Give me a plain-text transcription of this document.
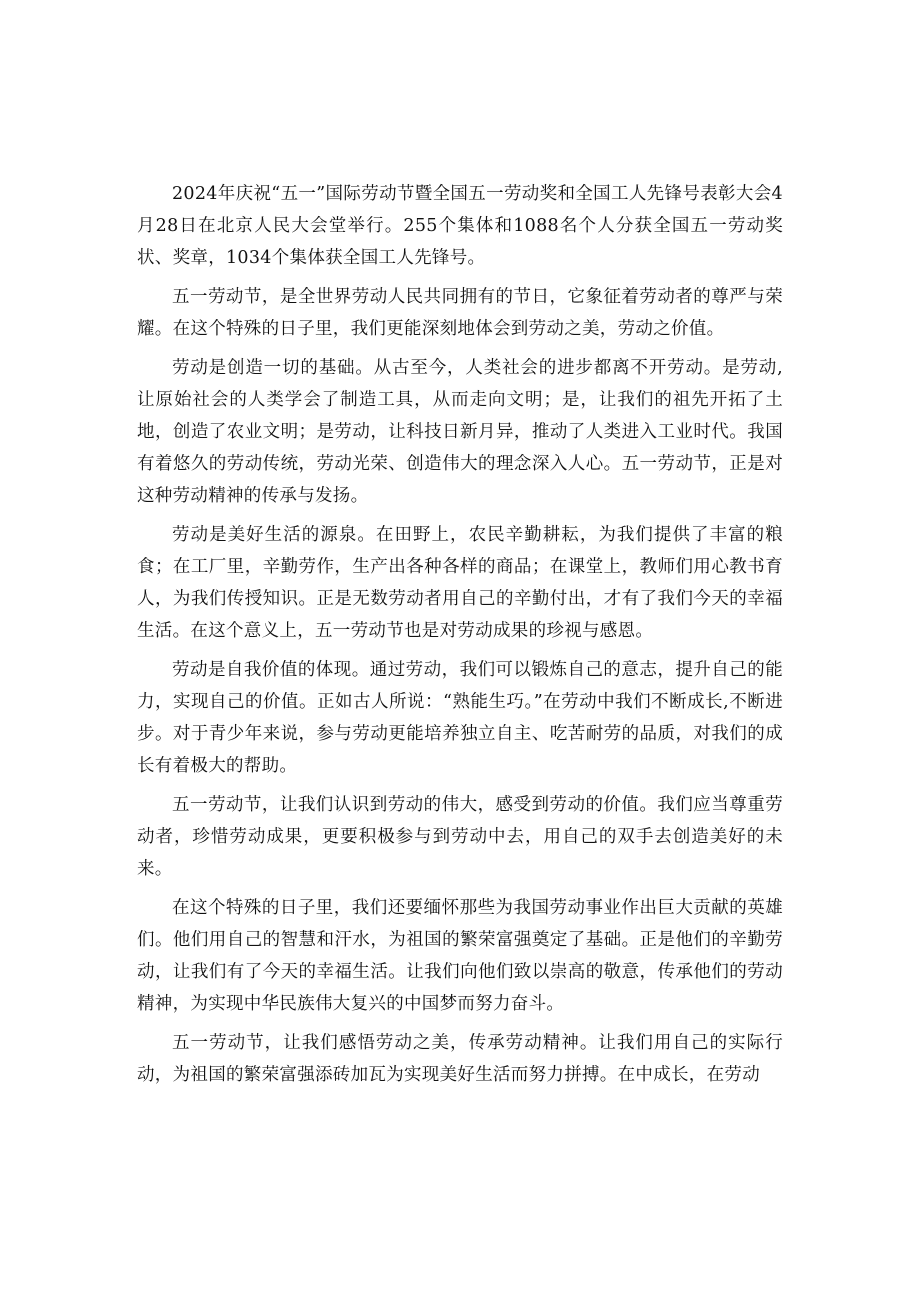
2024年庆祝“五一”国际劳动节暨全国五一劳动奖和全国工人先锋号表彰大会4月28日在北京人民大会堂举行。255个集体和1088名个人分获全国五一劳动奖状、奖章，1034个集体获全国工人先锋号。

五一劳动节，是全世界劳动人民共同拥有的节日，它象征着劳动者的尊严与荣耀。在这个特殊的日子里，我们更能深刻地体会到劳动之美，劳动之价值。

劳动是创造一切的基础。从古至今，人类社会的进步都离不开劳动。是劳动,让原始社会的人类学会了制造工具，从而走向文明；是，让我们的祖先开拓了土地，创造了农业文明；是劳动，让科技日新月异，推动了人类进入工业时代。我国有着悠久的劳动传统，劳动光荣、创造伟大的理念深入人心。五一劳动节，正是对这种劳动精神的传承与发扬。

劳动是美好生活的源泉。在田野上，农民辛勤耕耘，为我们提供了丰富的粮食；在工厂里，辛勤劳作，生产出各种各样的商品；在课堂上，教师们用心教书育人，为我们传授知识。正是无数劳动者用自己的辛勤付出，才有了我们今天的幸福生活。在这个意义上，五一劳动节也是对劳动成果的珍视与感恩。

劳动是自我价值的体现。通过劳动，我们可以锻炼自己的意志，提升自己的能力，实现自己的价值。正如古人所说：“熟能生巧。”在劳动中我们不断成长,不断进步。对于青少年来说，参与劳动更能培养独立自主、吃苦耐劳的品质，对我们的成长有着极大的帮助。

五一劳动节，让我们认识到劳动的伟大，感受到劳动的价值。我们应当尊重劳动者，珍惜劳动成果，更要积极参与到劳动中去，用自己的双手去创造美好的未来。

在这个特殊的日子里，我们还要缅怀那些为我国劳动事业作出巨大贡献的英雄们。他们用自己的智慧和汗水，为祖国的繁荣富强奠定了基础。正是他们的辛勤劳动，让我们有了今天的幸福生活。让我们向他们致以崇高的敬意，传承他们的劳动精神，为实现中华民族伟大复兴的中国梦而努力奋斗。

五一劳动节，让我们感悟劳动之美，传承劳动精神。让我们用自己的实际行动，为祖国的繁荣富强添砖加瓦为实现美好生活而努力拼搏。在中成长，在劳动
